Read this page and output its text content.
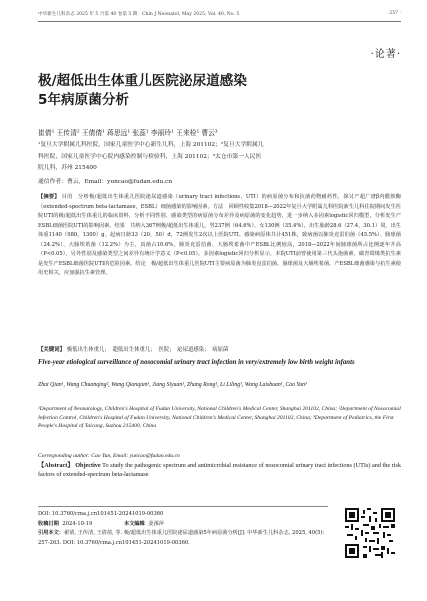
中华新生儿科杂志 2025 年 5 月第 40 卷第 5 期　Chin J Neonatol, May 2025, Vol. 40, No. 5	· 257 ·
·论著·
极/超低出生体重儿医院泌尿道感染
5年病原菌分析
崔倩¹ 王传清² 王倩倩¹ 蒋思远¹ 张蕊¹ 李丽玲¹ 王来栓¹ 曹云³
¹复旦大学附属儿科医院、国家儿童医学中心新生儿科，上海 201102；²复旦大学附属儿
科医院、国家儿童医学中心院内感染控制与检验科，上海 201102；³太仓市第一人民医
院儿科，苏州 215400
通信作者：曹云，Email：yuncao@fudan.edu.cn
【摘要】 目的　分析极/超低出生体重儿医院泌尿道感染（urinary tract infections，UTI）的病原菌分布和抗菌药物耐药性，探讨产超广谱β内酰胺酶（extended-spectrum beta-lactamase，ESBL）细菌感染的影响因素。方法　回顾性收集2018—2022年复旦大学附属儿科医院新生儿科住院期间发生医院UTI的极/超低出生体重儿的临床资料，分析不同性别、感染类型的病原菌分布差异及病原菌的变化趋势，进一步纳入多因素logistic回归模型，分析发生产ESBL细菌医院UTI的影响因素。结果　共纳入367例极/超低出生体重儿，男237例（64.6%），女130例（35.4%），出生胎龄28.6（27.4，30.1）周，出生体重1140（980，1300）g。起病日龄33（20，50）d，72例发生2次以上医院UTI。感染病原体共计451株，致病菌以肺炎克雷伯菌（45.5%）、肠球菌（24.2%）、大肠埃希菌（12.2%）为主，真菌占10.6%。肺炎克雷伯菌、大肠埃希菌中产ESBL比例较高，2018—2022年间肠球菌所占比例逐年升高（P<0.05），另外性别及感染类型之间差异有统计学意义（P<0.05）。多因素logistic回归分析显示，本院UTI前曾使用第三代头孢菌素、碳青霉烯类抗生素是发生产ESBL细菌医院UTI的危险因素。结论　极/超低出生体重儿医院UTI主要病原菌为肺炎克雷伯菌、肠球菌及大肠埃希菌，产ESBL细菌感染与抗生素使用史相关，应加强抗生素管理。
【关键词】 极低出生体重儿；　超低出生体重儿；　医院；　泌尿道感染；　病原菌
Five-year etiological surveillance of nosocomial urinary tract infection in very/extremely low birth weight infants
Zhai Qian¹, Wang Chuanqing², Wang Qianqian¹, Jiang Siyuan¹, Zhang Rong¹, Li Liling¹, Wang Laishuan¹, Cao Yun³
¹Department of Neonatology, Children's Hospital of Fudan University, National Children's Medical Center, Shanghai 201102, China; ²Department of Nosocomial Infection Control, Children's Hospital of Fudan University, National Children's Medical Center, Shanghai 201102, China; ³Department of Pediatrics, the First People's Hospital of Taicang, Suzhou 215400, China
Corresponding author: Cao Yun, Email: yuncao@fudan.edu.cn
【Abstract】 Objective To study the pathogenic spectrum and antimicrobial resistance of nosocomial urinary tract infections (UTIs) and the risk factors of extended-spectrum beta-lactamase
DOI: 10.3760/cma.j.cn101451-20241019-00360
收稿日期 2024-10-19	本文编辑 姜孫萍
引用本文：翟倩, 王传清, 王倩倩, 等. 极/超低出生体重儿医院泌尿道感染5年病原菌分析[J]. 中华新生儿科杂志, 2025, 40(5): 257-263. DOI: 10.3760/cma.j.cn101451-20241019-00360.
